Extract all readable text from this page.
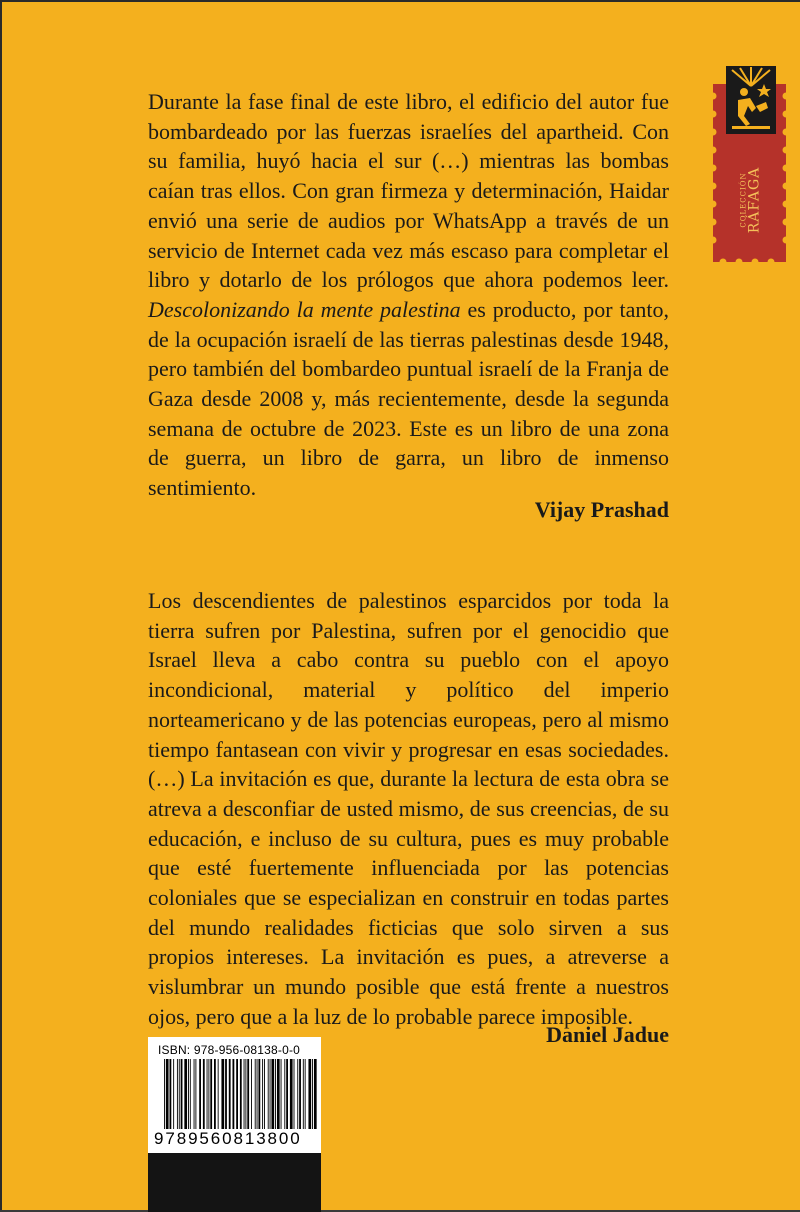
Durante la fase final de este libro, el edificio del autor fue bombardeado por las fuerzas israelíes del apartheid. Con su familia, huyó hacia el sur (…) mientras las bombas caían tras ellos. Con gran firmeza y determinación, Haidar envió una serie de audios por WhatsApp a través de un servicio de Internet cada vez más escaso para completar el libro y dotarlo de los prólogos que ahora podemos leer. Descolonizando la mente palestina es producto, por tanto, de la ocupación israelí de las tierras palestinas desde 1948, pero también del bombardeo puntual israelí de la Franja de Gaza desde 2008 y, más recientemente, desde la segunda semana de octubre de 2023. Este es un libro de una zona de guerra, un libro de garra, un libro de inmenso sentimiento.

Vijay Prashad

Los descendientes de palestinos esparcidos por toda la tierra sufren por Palestina, sufren por el genocidio que Israel lleva a cabo contra su pueblo con el apoyo incondicional, material y político del imperio norteamericano y de las potencias europeas, pero al mismo tiempo fantasean con vivir y progresar en esas sociedades. (…) La invitación es que, durante la lectura de esta obra se atreva a desconfiar de usted mismo, de sus creencias, de su educación, e incluso de su cultura, pues es muy probable que esté fuertemente influenciada por las potencias coloniales que se especializan en construir en todas partes del mundo realidades ficticias que solo sirven a sus propios intereses. La invitación es pues, a atreverse a vislumbrar un mundo posible que está frente a nuestros ojos, pero que a la luz de lo probable parece imposible.

Daniel Jadue
COLECCIÓN RÁFAGA
ISBN: 978-956-08138-0-0
9789560813800
